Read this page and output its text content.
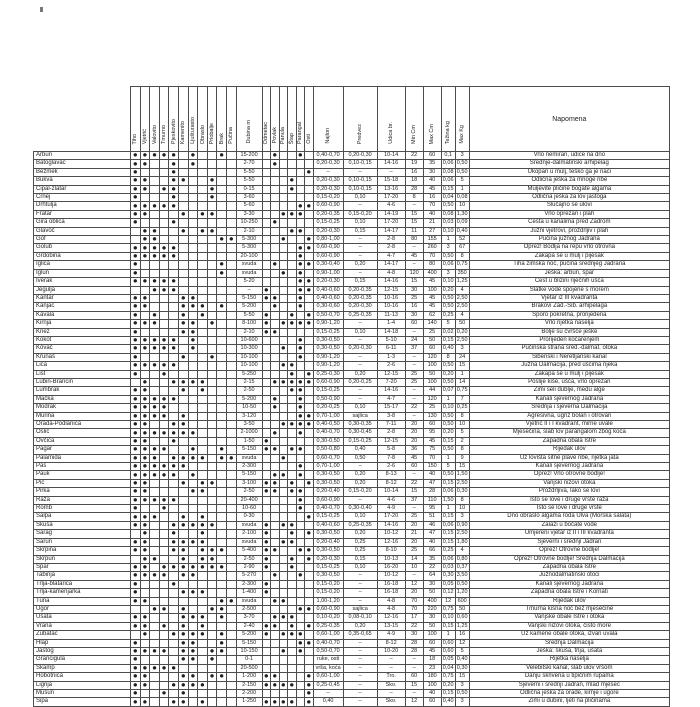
	Tiho	Vjetrić	Valovito	Tmurno	Pjeskovito	Kamenito	Ljušturasto	Obraslo	Priobalje	Brak	Pučina	Dubina m	Odmetac	Povlak	Panula	Štap	Parangal	Osti	Najlon	Predvez	Udica br.	Min Cm	Max Cm	Težina kg	Max Kg	Napomena
Arbun	●	●	●	●	●		●			●		15-200		●			●		0,40-0,70	0,20-0,30	10-14	22	60	0,1	3	Vrlo nemiran, udice na dno
Batoglavac	●	●			●		●					2-70		●					0,20-0,30	0,10-0,15	14-16	19	35	0,06	0,50	Srednje-dalmatinski arhipelag
Bežmek	●				●							5-50						●	–	–	–	16	30	0,08	0,50	Ukopan u mulj, teško ga je naći
Bukva	●	●			●	●			●			5-50				●			0,20-0,30	0,10-0,15	15-18	18	40	0,06	5	Odlična ješka za mnoge ribe
Cipal-zlatar	●	●		●	●				●			0-15				●			0,20-0,30	0,10-0,15	13-16	28	45	0,15	1	Muljevite pličine bogate algama
Crnej	●				●				●			3-60							0,15-0,20	0,10	17-20	8	16	0,04	0,08	Odlična ješka za lov jastoga
Drhtulja	●	●	●	●	●							5-60					●	●	0,60-0,90	–	4-6	–	70	0,50	10	Slučajno se ulovi
Fratar	●	●				●		●	●			3-30			●	●	●		0,20-0,35	0,15-0,20	14-19	15	40	0,08	1,30	Vrlo oprezan i plah
Gira oblica	●				●							10-250		●					0,15-0,25	0,10	17-20	15	21	0,03	0,09	Česta u kanalima pred Zadrom
Glavoč		●	●			●		●	●			2-10				●	●		0,20-0,30	0,15	14-17	11	27	0,10	0,40	Južni vjetrovi, proždrljiv i plah
Gof		●	●							●	●	5-300			●			●	0,80-1,00	–	2-8	80	155	1	52	Pučina južnog Jadrana
Golub	●	●	●	●	●							5-300					●	●	0,60-0,90	–	2-8	–	260	3	67	Oprez! Bodlja na repu vrlo otrovna
Grdobina	●	●	●	●	●							20-100					●		0,60-0,90	–	4-7	45	70	0,50	8	Zakapa se u mulj i pijesak
Iglica	●									●		svuda		●			●	●	0,30-0,40	0,20	14-17	–	80	0,06	0,75	Tiha zimska noć, pučina srednjeg Jadrana
Iglun	●									●		svuda			●		●		0,90-1,00	–	4-8	120	400	3	350	Ješka: arbun, špar
Iverak	●	●	●	●	●							5-20					●	●	0,20-0,30	0,15	14-16	15	45	0,10	1,25	Čest u blizini riječnih ušća
Jegulja			●	●	●							–	●				●	●	0,40-0,60	0,20-0,35	12-15	30	100	0,20	4	Slatke vode spojene s morem
Kantar	●	●				●	●					5-150	●	●			●		0,40-0,60	0,20-0,35	10-16	25	45	0,50	2,50	Vjetar iz III kvadranta
Kanjac	●	●				●	●	●		●		5-200		●			●		0,30-0,60	0,20-0,30	10-16	16	45	0,50	2,50	Brakovi Zad.-Šib. arhipelaga
Kavala	●		●			●		●				5-50	●			●		●	0,50-0,70	0,25-0,35	11-13	30	62	0,25	4	Sporo pokretna, prorijeđena
Kirnja	●	●	●			●	●		●			8-100	●		●	●	●	●	0,90-1,20	–	1-4	60	140	5	50	Vrlo rijetka naselja
Knez	●					●	●					2-10	●	●					0,15-0,25	0,10	14-18	–	25	0,02	0,20	Bolje su čvršće ješke
Kokot	●	●	●	●	●		●					10-600					●		0,30-0,50	–	5-10	24	50	0,15	2,50	Prorijeđen koćarenjem
Kovač	●	●	●	●	●		●					10-300			●		●		0,30-0,50	0,20-0,30	6-11	37	60	0,40	3	Pučinska strana sred.-dalmat. otoka
Krunaš	●					●			●			10-100					●		0,90-1,20	–	1-3	–	120	8	24	Šibenski i Neretljanski kanal
Lica	●	●	●	●	●							10-100			●	●			0,90-1,20	–	2-6	–	100	0,50	15	Južna Dalmacija, pred ušćima rijeka
List	●			●								5-250				●		●	0,25-0,30	0,20	12-15	25	50	0,20	1	Zakapa se u mulj i pijesak
Lubin-Brancin		●			●	●	●	●				2-15		●	●	●	●	●	0,60-0,90	0,20-0,25	7-20	25	100	0,50	14	Poslije kiše, ušća, vrlo oprezan
Lumbrak	●	●				●		●				2-50				●	●		0,15-0,25	–	14-16	–	44	0,07	0,75	Zimi seli dublje, među alge
Mačka	●	●	●	●	●							5-200		●			●		0,50-0,90	–	4-7	–	120	1	7	Kanali sjevernog Jadrana
Modrak	●	●	●	●								10-50		●			●		0,20-0,25	0,10	15-17	22	25	0,10	0,25	Srednja i sjeverna Dalmacija
Murina	●	●	●	●		●						3-120					●	●	0,70-1,00	sajlica	3-8	–	130	0,50	8	Agresivna, ugriz bolan i otrovan
Orada-Podlanica	●	●			●	●						3-50			●	●	●	●	0,40-0,50	0,30-0,35	7-11	20	60	0,50	10	Vjetrić II i I kvadrant, mirne uvale
Oslić	●	●	●	●	●	●	●					2-1000		●			●		0,40-0,70	0,30-0,45	2-8	20	95	0,20	5	Mjesečina, slab lov parangalom zbog koća
Ovčica	●	●			●							1-50	●						0,30-0,50	0,15-0,25	12-15	20	45	0,15	2	Zapadna obala Istre
Pagar	●	●	●	●			●			●		5-150	●	●		●	●		0,50-0,80	0,40	5-8	36	75	0,50	8	Rijedak ulov
Palamida	●	●	●		●	●	●	●		●	●	svuda			●				0,60-0,70	0,50	7-8	45	70	1	9	Uz lovišta sitne plave ribe, rijetka jata
Pas	●	●	●	●	●	●						2-300					●		0,70-1,00	–	2-6	60	150	5	15	Kanali sjevernog Jadrana
Pauk	●	●	●	●	●		●					5-150		●	●		●		0,30-0,50	0,20	8-13	–	40	0,50	1,50	Oprez! Vrlo otrovne bodlje!
Pic	●	●				●		●	●			3-100	●	●		●		●	0,30-0,50	0,20	8-12	22	47	0,15	2,50	Vanjski nizovi otoka
Pirka	●	●					●	●				2-50	●	●		●	●		0,20-0,40	0,15-0,20	10-14	15	28	0,06	0,30	Proždrljiva, lako se lovi
Raža	●	●	●	●	●							20-400					●		0,60-0,90	–	4-6	37	110	1,50	8	Isto se love i druge vrste raža
Romb	●			●								10-60					●		0,40-0,70	0,30-0,40	4-9	–	95	1	10	Isto se love i druge vrste
Salpa	●	●	●			●		●				0-30						●	0,15-0,25	0,10	17-20	25	51	0,15	3	Dno obraslo algama roda Ulva (Morska salata)
Skuša	●	●			●	●	●	●	●			svuda	●		●	●			0,40-0,60	0,25-0,35	14-16	20	46	0,06	0,90	Zalazi u bočate vode
Šarag		●			●			●				2-100	●			●		●	0,30-0,50	0,20	10-12	21	47	0,15	2,50	Umjereni vjetar iz II i III kvadranta
Šarun	●	●			●	●	●	●				svuda	●		●	●			0,20-0,40	0,25	12-16	20	40	0,15	1,80	Sjeverni i srednji Jadran
Škrpina	●	●			●	●		●	●	●		5-400	●	●			●	●	0,30-0,50	0,25	8-10	25	66	0,25	4	Oprez! Otrovne bodlje!
Škrpun		●	●			●		●	●			2-50	●			●		●	0,20-0,30	0,15	10-13	14	35	0,06	0,80	Oprez! Otrovne bodlje! Srednja Dalmacija
Špar	●	●		●	●	●	●	●	●	●		2-90	●			●			0,15-0,25	0,10	16-20	10	22	0,03	0,37	Zapadna obala Istre
Tabinja	●	●	●	●		●	●					5-270		●			●		0,30-0,50	–	10-12	–	64	0,30	3,50	Južnodalmatinski otoci
Trlja-blatarica	●				●							2-300	●						0,15-0,20	–	16-18	12	30	0,05	0,50	Kanali sjevernog Jadrana
Trlja-kamenjarka	●					●	●	●				1-400	●						0,15-0,20	–	16-18	20	50	0,12	1,20	Zapadna obala Istre i Kornati
Tuna	●	●								●	●	svuda		●	●				1,00-1,20	–	4-8	70	400	12	600	Rijedak ulov
Ugor			●	●		●			●	●		2-500					●	●	0,60-0,90	sajlica	4-8	70	220	0,75	50	Tmurna kišna noć bez mjesečine
Ušata	●	●				●	●	●		●		3-70		●	●	●			0,10-0,20	0,08-0,10	12-16	17	30	0,10	0,60	Vanjske obale Istre i otoka
Vrana	●	●		●		●		●				2-40	●	●		●		●	0,25-0,35	0,20	13-15	22	50	0,15	1,25	Vanjski nizovi otoka, čisto more
Zubatac		●			●	●	●	●		●		5-200	●		●	●	●		0,60-1,00	0,35-0,65	4-9	30	100	1	16	Uz kamene obale otoka, izvan uvala
Hlap	●					●	●			●		5-150					●	●	0,40-0,70	–	8-12	28	60	0,60	12	Srednja Dalmacija
Jastog	●	●	●	●		●	●		●	●		10-150			●		●		0,50-0,70	–	10-20	28	45	0,60	5	Ješka: škuša, trlja, ušata
Grancigula	●					●	●		●			0-1							ruke, osti	–	–	–	18	0,05	0,40	Rijetka naselja
Škamp	●	●	●	●	●							20-500							vrša, koća	–	–	–	23	0,04	0,30	Velebitski kanal, slab ulov vršom
Hobotnica	●	●				●	●		●	●		1-200	●	●				●	0,60-1,00	–	Tro.	60	180	0,75	15	Danju skrivena u tipičnim rupama
Lignja	●	●			●	●	●	●				2-150	●	●	●	●		●	0,25-0,45	–	Sko.	15	100	0,20	3	Sjeverni i srednji Jadran, mlad mjesec
Mušun	●			●		●						2-200						●	–	–	–	–	40	0,15	0,50	Odlična ješka za orade, kirnje i ugore
Sipa	●	●			●	●		●				1-250	●	●	●	●		●	0,40	–	Sko.	12	60	0,40	3	Zimi u dubini, ljeti na pličinama
